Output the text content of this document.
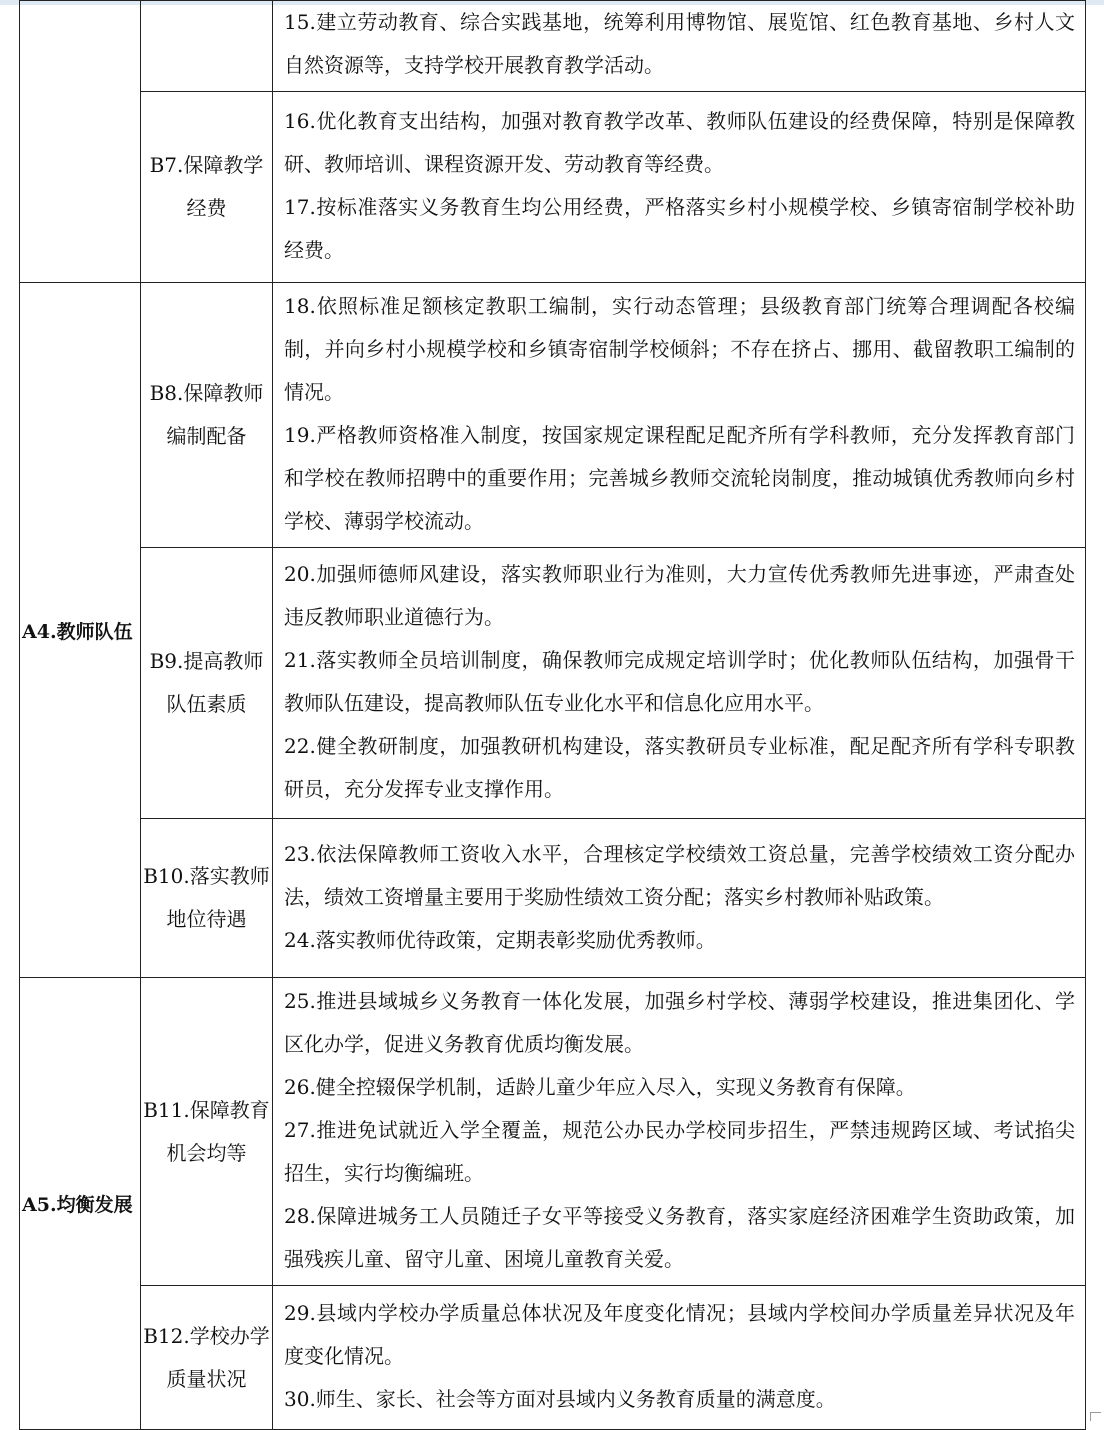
		15.建立劳动教育、综合实践基地，统筹利用博物馆、展览馆、红色教育基地、乡村人文自然资源等，支持学校开展教育教学活动。

	B7.保障教学经费	16.优化教育支出结构，加强对教育教学改革、教师队伍建设的经费保障，特别是保障教研、教师培训、课程资源开发、劳动教育等经费。

17.按标准落实义务教育生均公用经费，严格落实乡村小规模学校、乡镇寄宿制学校补助经费。

A4.教师队伍	B8.保障教师编制配备	18.依照标准足额核定教职工编制，实行动态管理；县级教育部门统筹合理调配各校编制，并向乡村小规模学校和乡镇寄宿制学校倾斜；不存在挤占、挪用、截留教职工编制的情况。

19.严格教师资格准入制度，按国家规定课程配足配齐所有学科教师，充分发挥教育部门和学校在教师招聘中的重要作用；完善城乡教师交流轮岗制度，推动城镇优秀教师向乡村学校、薄弱学校流动。

	B9.提高教师队伍素质	20.加强师德师风建设，落实教师职业行为准则，大力宣传优秀教师先进事迹，严肃查处违反教师职业道德行为。

21.落实教师全员培训制度，确保教师完成规定培训学时；优化教师队伍结构，加强骨干教师队伍建设，提高教师队伍专业化水平和信息化应用水平。

22.健全教研制度，加强教研机构建设，落实教研员专业标准，配足配齐所有学科专职教研员，充分发挥专业支撑作用。

	B10.落实教师地位待遇	23.依法保障教师工资收入水平，合理核定学校绩效工资总量，完善学校绩效工资分配办法，绩效工资增量主要用于奖励性绩效工资分配；落实乡村教师补贴政策。

24.落实教师优待政策，定期表彰奖励优秀教师。

A5.均衡发展	B11.保障教育机会均等	25.推进县域城乡义务教育一体化发展，加强乡村学校、薄弱学校建设，推进集团化、学区化办学，促进义务教育优质均衡发展。

26.健全控辍保学机制，适龄儿童少年应入尽入，实现义务教育有保障。

27.推进免试就近入学全覆盖，规范公办民办学校同步招生，严禁违规跨区域、考试掐尖招生，实行均衡编班。

28.保障进城务工人员随迁子女平等接受义务教育，落实家庭经济困难学生资助政策，加强残疾儿童、留守儿童、困境儿童教育关爱。

	B12.学校办学质量状况	29.县域内学校办学质量总体状况及年度变化情况；县域内学校间办学质量差异状况及年度变化情况。

30.师生、家长、社会等方面对县域内义务教育质量的满意度。
